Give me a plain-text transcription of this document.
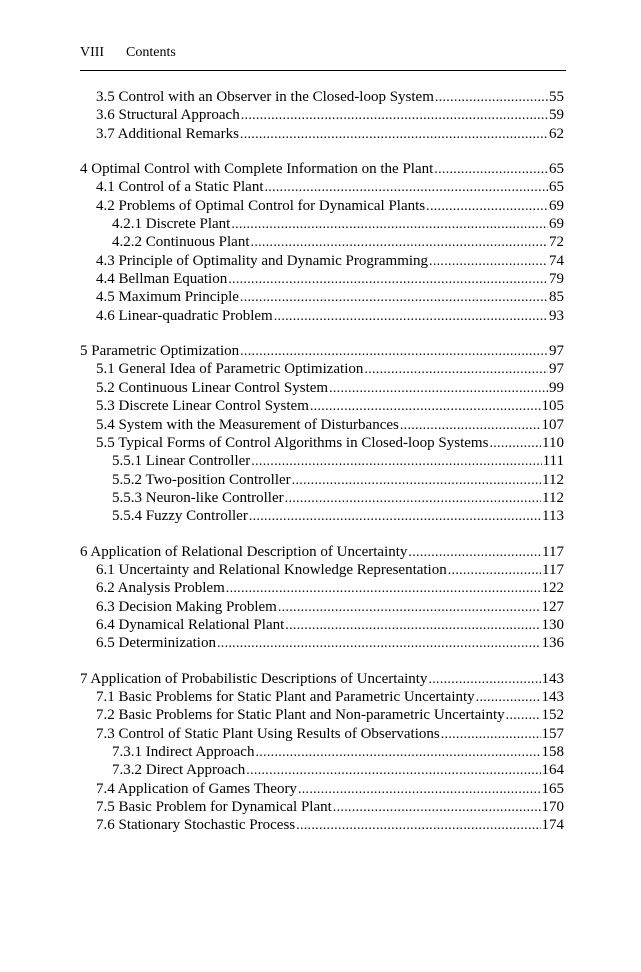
VIII Contents
3.5 Control with an Observer in the Closed-loop System .....	55
3.6 Structural Approach .....	59
3.7 Additional Remarks .....	62
4 Optimal Control with Complete Information on the Plant .....	65
4.1 Control of a Static Plant .....	65
4.2 Problems of Optimal Control for Dynamical Plants .....	69
4.2.1 Discrete Plant .....	69
4.2.2 Continuous Plant .....	72
4.3 Principle of Optimality and Dynamic Programming .....	74
4.4 Bellman Equation .....	79
4.5 Maximum Principle .....	85
4.6 Linear-quadratic Problem .....	93
5 Parametric Optimization .....	97
5.1 General Idea of Parametric Optimization .....	97
5.2 Continuous Linear Control System .....	99
5.3 Discrete Linear Control System .....	105
5.4 System with the Measurement of Disturbances .....	107
5.5 Typical Forms of Control Algorithms in Closed-loop Systems .....	110
5.5.1 Linear Controller .....	111
5.5.2 Two-position Controller .....	112
5.5.3 Neuron-like Controller .....	112
5.5.4 Fuzzy Controller .....	113
6 Application of Relational Description of Uncertainty .....	117
6.1 Uncertainty and Relational Knowledge Representation .....	117
6.2 Analysis Problem .....	122
6.3 Decision Making Problem .....	127
6.4 Dynamical Relational Plant .....	130
6.5 Determinization .....	136
7 Application of Probabilistic Descriptions of Uncertainty .....	143
7.1 Basic Problems for Static Plant and Parametric Uncertainty .....	143
7.2 Basic Problems for Static Plant and Non-parametric Uncertainty ..... 152
7.3 Control of Static Plant Using Results of Observations .....	157
7.3.1 Indirect Approach .....	158
7.3.2 Direct Approach .....	164
7.4 Application of Games Theory .....	165
7.5 Basic Problem for Dynamical Plant .....	170
7.6 Stationary Stochastic Process .....	174
